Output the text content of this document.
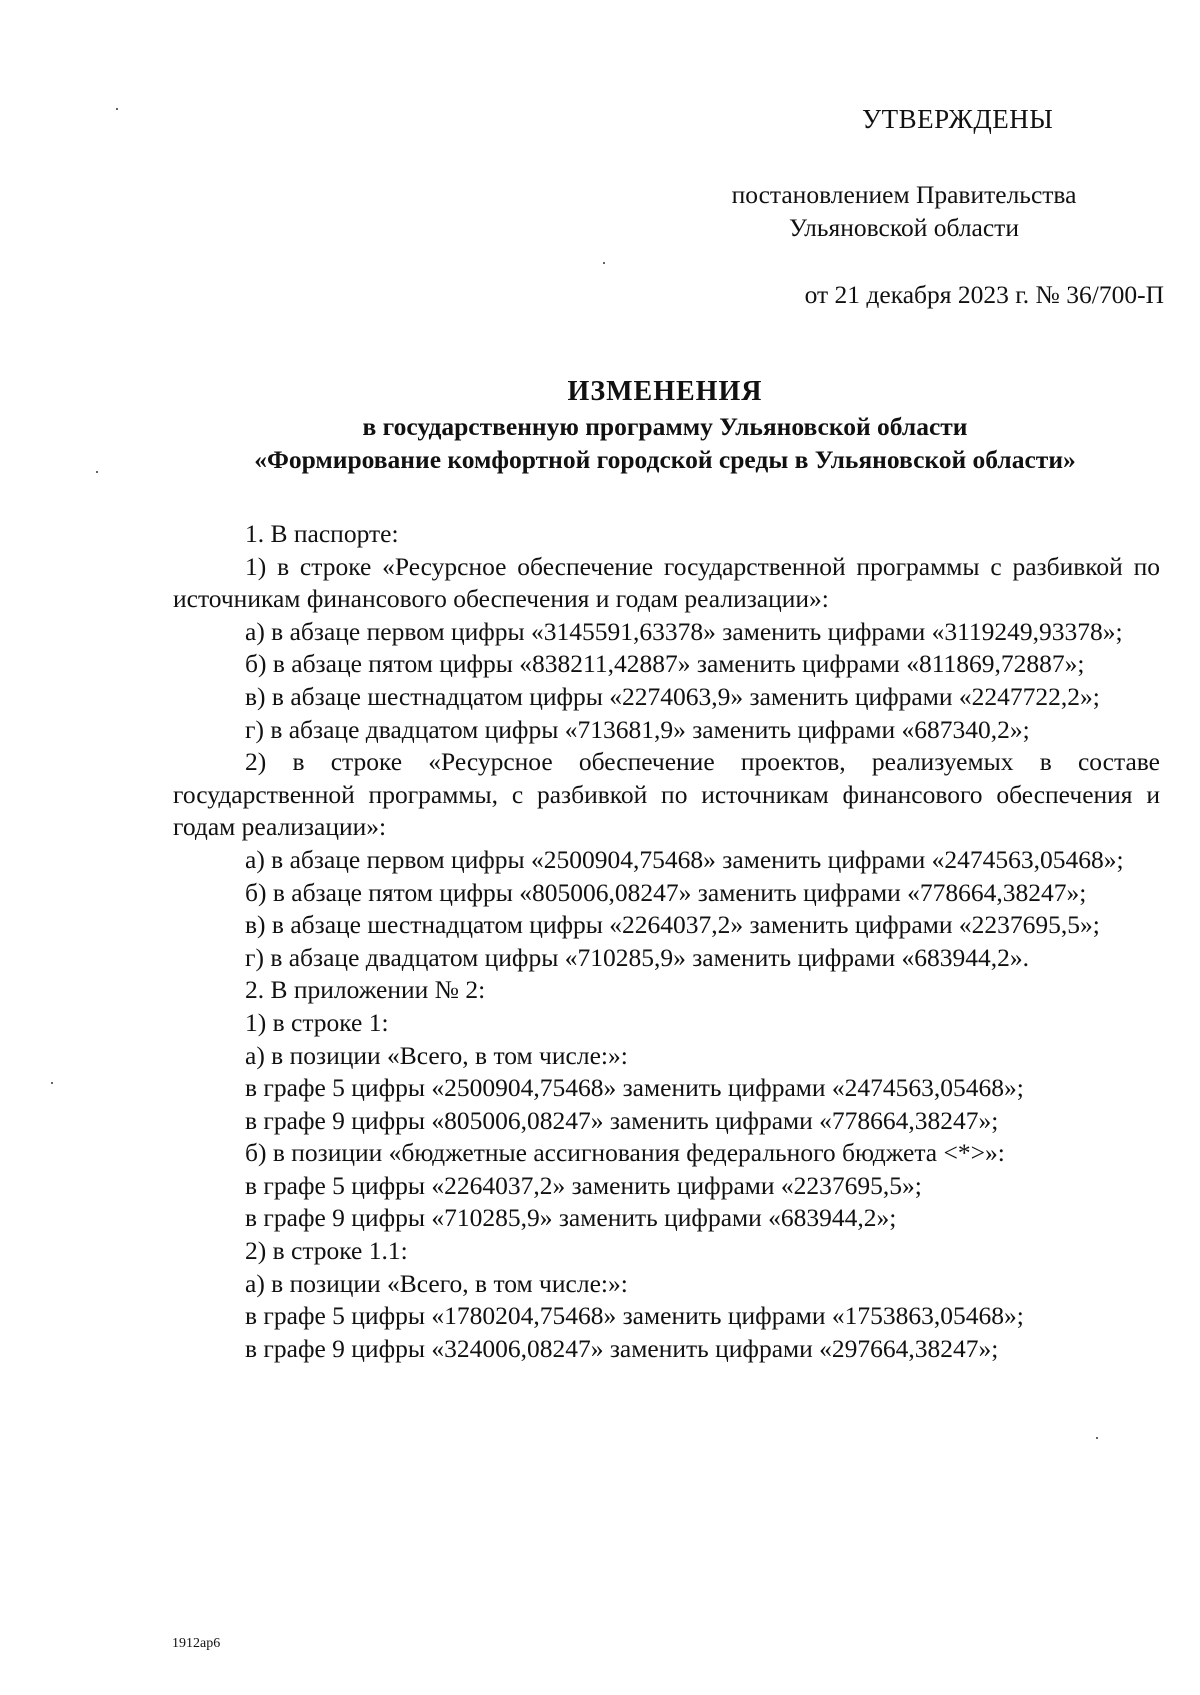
УТВЕРЖДЕНЫ
постановлением Правительства
Ульяновской области
от 21 декабря 2023 г. № 36/700-П
ИЗМЕНЕНИЯ
в государственную программу Ульяновской области
«Формирование комфортной городской среды в Ульяновской области»

1. В паспорте:

1) в строке «Ресурсное обеспечение государственной программы с разбивкой по источникам финансового обеспечения и годам реализации»:

а) в абзаце первом цифры «3145591,63378» заменить цифрами «3119249,93378»;

б) в абзаце пятом цифры «838211,42887» заменить цифрами «811869,72887»;

в) в абзаце шестнадцатом цифры «2274063,9» заменить цифрами «2247722,2»;

г) в абзаце двадцатом цифры «713681,9» заменить цифрами «687340,2»;

2) в строке «Ресурсное обеспечение проектов, реализуемых в составе государственной программы, с разбивкой по источникам финансового обеспечения и годам реализации»:

а) в абзаце первом цифры «2500904,75468» заменить цифрами «2474563,05468»;

б) в абзаце пятом цифры «805006,08247» заменить цифрами «778664,38247»;

в) в абзаце шестнадцатом цифры «2264037,2» заменить цифрами «2237695,5»;

г) в абзаце двадцатом цифры «710285,9» заменить цифрами «683944,2».

2. В приложении № 2:

1) в строке 1:

а) в позиции «Всего, в том числе:»:

в графе 5 цифры «2500904,75468» заменить цифрами «2474563,05468»;

в графе 9 цифры «805006,08247» заменить цифрами «778664,38247»;

б) в позиции «бюджетные ассигнования федерального бюджета <*>»:

в графе 5 цифры «2264037,2» заменить цифрами «2237695,5»;

в графе 9 цифры «710285,9» заменить цифрами «683944,2»;

2) в строке 1.1:

а) в позиции «Всего, в том числе:»:

в графе 5 цифры «1780204,75468» заменить цифрами «1753863,05468»;

в графе 9 цифры «324006,08247» заменить цифрами «297664,38247»;

1912ар6
